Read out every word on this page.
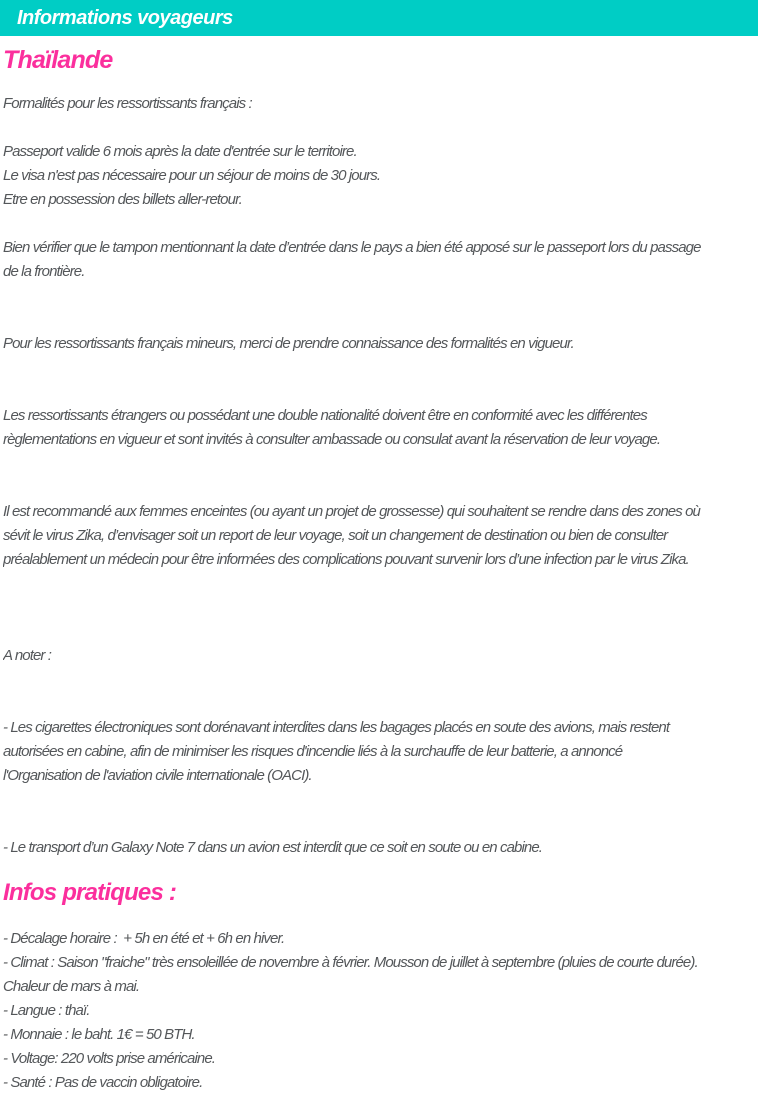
Informations voyageurs
Thaïlande
Formalités pour les ressortissants français :
Passeport valide 6 mois après la date d'entrée sur le territoire.
Le visa n'est pas nécessaire pour un séjour de moins de 30 jours.
Etre en possession des billets aller-retour.
Bien vérifier que le tampon mentionnant la date d’entrée dans le pays a bien été apposé sur le passeport lors du passage
de la frontière.
Pour les ressortissants français mineurs, merci de prendre connaissance des formalités en vigueur.
Les ressortissants étrangers ou possédant une double nationalité doivent être en conformité avec les différentes
règlementations en vigueur et sont invités à consulter ambassade ou consulat avant la réservation de leur voyage.
Il est recommandé aux femmes enceintes (ou ayant un projet de grossesse) qui souhaitent se rendre dans des zones où
sévit le virus Zika, d’envisager soit un report de leur voyage, soit un changement de destination ou bien de consulter
préalablement un médecin pour être informées des complications pouvant survenir lors d’une infection par le virus Zika.
A noter :
- Les cigarettes électroniques sont dorénavant interdites dans les bagages placés en soute des avions, mais restent
autorisées en cabine, afin de minimiser les risques d'incendie liés à la surchauffe de leur batterie, a annoncé
l'Organisation de l'aviation civile internationale (OACI).
- Le transport d’un Galaxy Note 7 dans un avion est interdit que ce soit en soute ou en cabine.
Infos pratiques :
- Décalage horaire :  + 5h en été et + 6h en hiver.
- Climat : Saison "fraiche" très ensoleillée de novembre à février. Mousson de juillet à septembre (pluies de courte durée).
Chaleur de mars à mai.
- Langue : thaï.
- Monnaie : le baht. 1€ = 50 BTH.
- Voltage: 220 volts prise américaine.
- Santé : Pas de vaccin obligatoire.
